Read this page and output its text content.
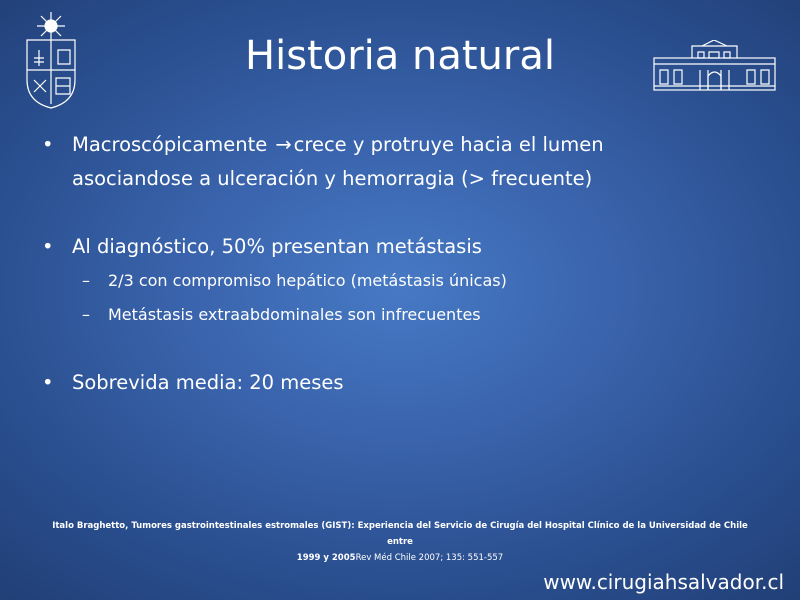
Historia natural
• Macroscópicamente → crece y protruye hacia el lumen
asociandose a ulceración y hemorragia (> frecuente)
• Al diagnóstico, 50% presentan metástasis
– 2/3 con compromiso hepático (metástasis únicas)
– Metástasis extraabdominales son infrecuentes
• Sobrevida media: 20 meses
Italo Braghetto, Tumores gastrointestinales estromales (GIST): Experiencia del Servicio de Cirugía del Hospital Clínico de la Universidad de Chile entre
1999 y 2005Rev Méd Chile 2007; 135: 551-557
www.cirugiahsalvador.cl
